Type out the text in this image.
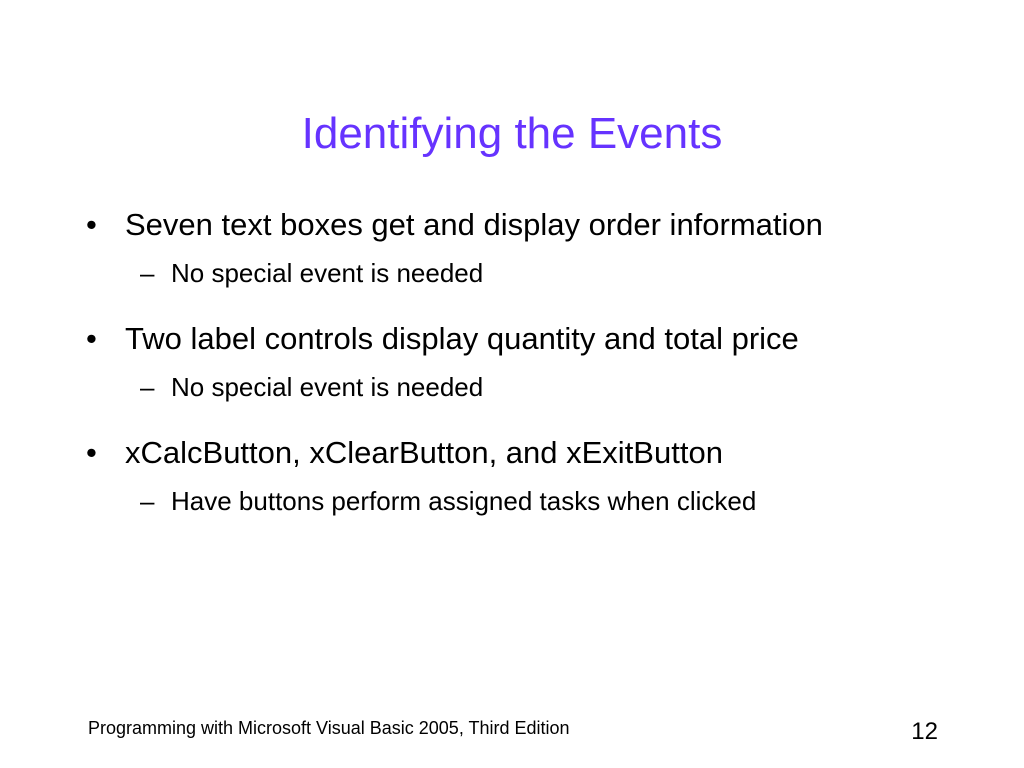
Identifying the Events
• Seven text boxes get and display order information
– No special event is needed
• Two label controls display quantity and total price
– No special event is needed
• xCalcButton, xClearButton, and xExitButton
– Have buttons perform assigned tasks when clicked
Programming with Microsoft Visual Basic 2005, Third Edition	12
